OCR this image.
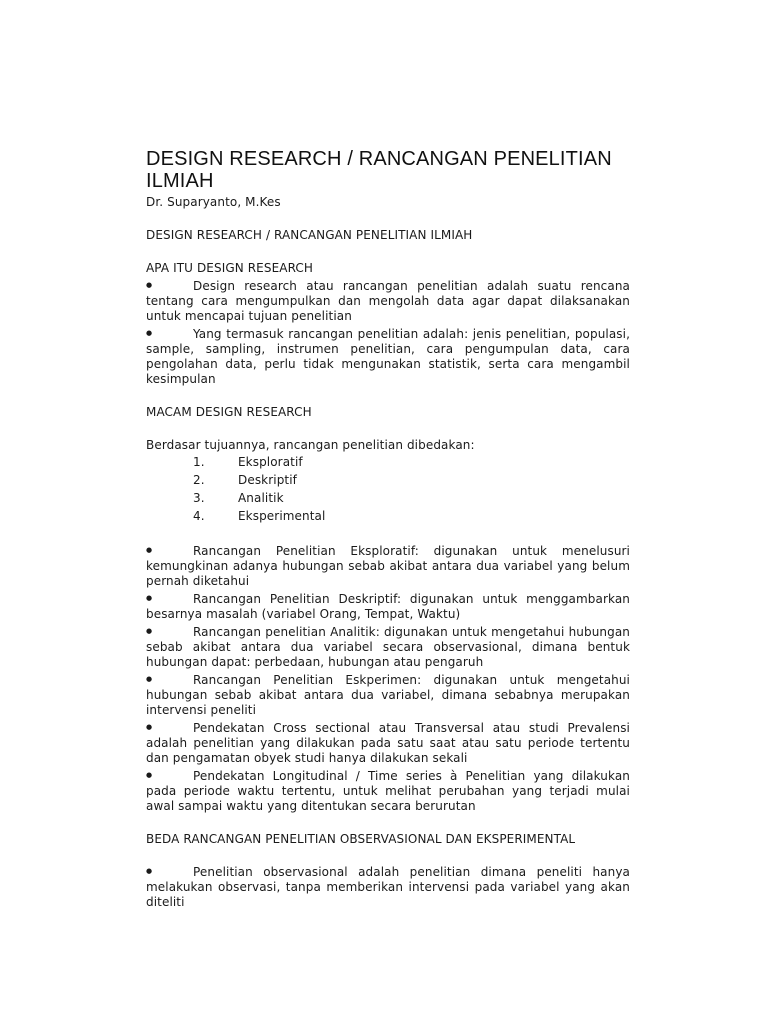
DESIGN RESEARCH / RANCANGAN PENELITIAN
ILMIAH
Dr. Suparyanto, M.Kes
DESIGN RESEARCH / RANCANGAN PENELITIAN ILMIAH
APA ITU DESIGN RESEARCH
Design research atau rancangan penelitian adalah suatu rencana tentang cara mengumpulkan dan mengolah data agar dapat dilaksanakan untuk mencapai tujuan penelitian
Yang termasuk rancangan penelitian adalah: jenis penelitian, populasi, sample, sampling, instrumen penelitian, cara pengumpulan data, cara pengolahan data, perlu tidak mengunakan statistik, serta cara mengambil kesimpulan
MACAM DESIGN RESEARCH
Berdasar tujuannya, rancangan penelitian dibedakan:
1.	Eksploratif
2.	Deskriptif
3.	Analitik
4.	Eksperimental
Rancangan Penelitian Eksploratif: digunakan untuk menelusuri kemungkinan adanya hubungan sebab akibat antara dua variabel yang belum pernah diketahui
Rancangan Penelitian Deskriptif: digunakan untuk menggambarkan besarnya masalah (variabel Orang, Tempat, Waktu)
Rancangan penelitian Analitik: digunakan untuk mengetahui hubungan sebab akibat antara dua variabel secara observasional, dimana bentuk hubungan dapat: perbedaan, hubungan atau pengaruh
Rancangan Penelitian Eskperimen: digunakan untuk mengetahui hubungan sebab akibat antara dua variabel, dimana sebabnya merupakan intervensi peneliti
Pendekatan Cross sectional atau Transversal atau studi Prevalensi adalah penelitian yang dilakukan pada satu saat atau satu periode tertentu dan pengamatan obyek studi hanya dilakukan sekali
Pendekatan Longitudinal / Time series à Penelitian yang dilakukan pada periode waktu tertentu, untuk melihat perubahan yang terjadi mulai awal sampai waktu yang ditentukan secara berurutan
BEDA RANCANGAN PENELITIAN OBSERVASIONAL DAN EKSPERIMENTAL
Penelitian observasional adalah penelitian dimana peneliti hanya melakukan observasi, tanpa memberikan intervensi pada variabel yang akan diteliti
